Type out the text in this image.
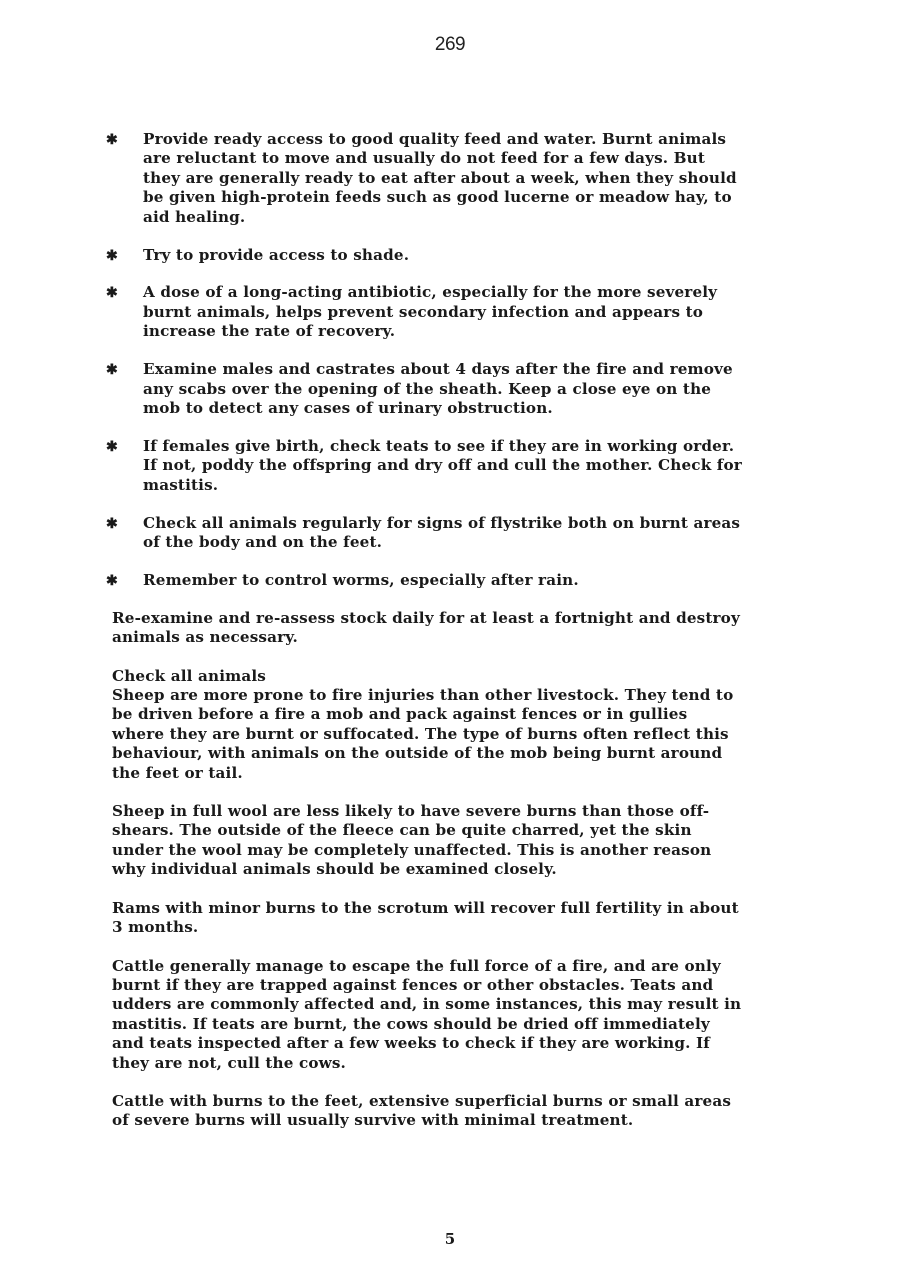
269
✱ Provide ready access to good quality feed and water. Burnt animals are reluctant to move and usually do not feed for a few days. But they are generally ready to eat after about a week, when they should be given high-protein feeds such as good lucerne or meadow hay, to aid healing.
✱ Try to provide access to shade.
✱ A dose of a long-acting antibiotic, especially for the more severely burnt animals, helps prevent secondary infection and appears to increase the rate of recovery.
✱ Examine males and castrates about 4 days after the fire and remove any scabs over the opening of the sheath. Keep a close eye on the mob to detect any cases of urinary obstruction.
✱ If females give birth, check teats to see if they are in working order. If not, poddy the offspring and dry off and cull the mother. Check for mastitis.
✱ Check all animals regularly for signs of flystrike both on burnt areas of the body and on the feet.
✱ Remember to control worms, especially after rain.

Re-examine and re-assess stock daily for at least a fortnight and destroy animals as necessary.

Check all animals

Sheep are more prone to fire injuries than other livestock. They tend to be driven before a fire a mob and pack against fences or in gullies where they are burnt or suffocated. The type of burns often reflect this behaviour, with animals on the outside of the mob being burnt around the feet or tail.

Sheep in full wool are less likely to have severe burns than those off-shears. The outside of the fleece can be quite charred, yet the skin under the wool may be completely unaffected. This is another reason why individual animals should be examined closely.

Rams with minor burns to the scrotum will recover full fertility in about 3 months.

Cattle generally manage to escape the full force of a fire, and are only burnt if they are trapped against fences or other obstacles. Teats and udders are commonly affected and, in some instances, this may result in mastitis. If teats are burnt, the cows should be dried off immediately and teats inspected after a few weeks to check if they are working. If they are not, cull the cows.

Cattle with burns to the feet, extensive superficial burns or small areas of severe burns will usually survive with minimal treatment.

5
